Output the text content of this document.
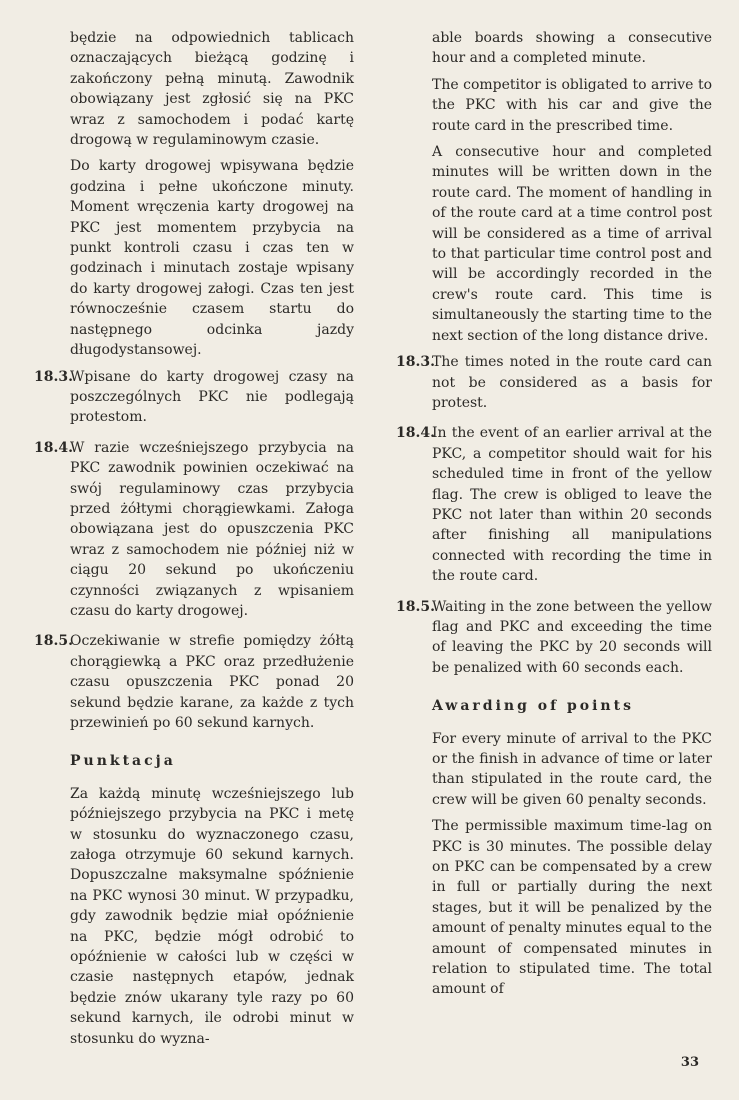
będzie na odpowiednich tablicach oznaczających bieżącą godzinę i zakończony pełną minutą. Zawodnik obowiązany jest zgłosić się na PKC wraz z samochodem i podać kartę drogową w regulaminowym czasie.

Do karty drogowej wpisywana będzie godzina i pełne ukończone minuty. Moment wręczenia karty drogowej na PKC jest momentem przybycia na punkt kontroli czasu i czas ten w godzinach i minutach zostaje wpisany do karty drogowej załogi. Czas ten jest równocześnie czasem startu do następnego odcinka jazdy długodystansowej.

18.3.

Wpisane do karty drogowej czasy na poszczególnych PKC nie podlegają protestom.

18.4.

W razie wcześniejszego przybycia na PKC zawodnik powinien oczekiwać na swój regulaminowy czas przybycia przed żółtymi chorągiewkami. Załoga obowiązana jest do opuszczenia PKC wraz z samochodem nie później niż w ciągu 20 sekund po ukończeniu czynności związanych z wpisaniem czasu do karty drogowej.

18.5.

Oczekiwanie w strefie pomiędzy żółtą chorągiewką a PKC oraz przedłużenie czasu opuszczenia PKC ponad 20 sekund będzie karane, za każde z tych przewinień po 60 sekund karnych.

Punktacja

Za każdą minutę wcześniejszego lub późniejszego przybycia na PKC i metę w stosunku do wyznaczonego czasu, załoga otrzymuje 60 sekund karnych. Dopuszczalne maksymalne spóźnienie na PKC wynosi 30 minut. W przypadku, gdy zawodnik będzie miał opóźnienie na PKC, będzie mógł odrobić to opóźnienie w całości lub w części w czasie następnych etapów, jednak będzie znów ukarany tyle razy po 60 sekund karnych, ile odrobi minut w stosunku do wyzna-

able boards showing a consecutive hour and a completed minute.

The competitor is obligated to arrive to the PKC with his car and give the route card in the prescribed time.

A consecutive hour and completed minutes will be written down in the route card. The moment of handling in of the route card at a time control post will be considered as a time of arrival to that particular time control post and will be accordingly recorded in the crew's route card. This time is simultaneously the starting time to the next section of the long distance drive.

18.3.

The times noted in the route card can not be considered as a basis for protest.

18.4.

In the event of an earlier arrival at the PKC, a competitor should wait for his scheduled time in front of the yellow flag. The crew is obliged to leave the PKC not later than within 20 seconds after finishing all manipulations connected with recording the time in the route card.

18.5.

Waiting in the zone between the yellow flag and PKC and exceeding the time of leaving the PKC by 20 seconds will be penalized with 60 seconds each.

Awarding of points

For every minute of arrival to the PKC or the finish in advance of time or later than stipulated in the route card, the crew will be given 60 penalty seconds.

The permissible maximum time-lag on PKC is 30 minutes. The possible delay on PKC can be compensated by a crew in full or partially during the next stages, but it will be penalized by the amount of penalty minutes equal to the amount of compensated minutes in relation to stipulated time. The total amount of

33
